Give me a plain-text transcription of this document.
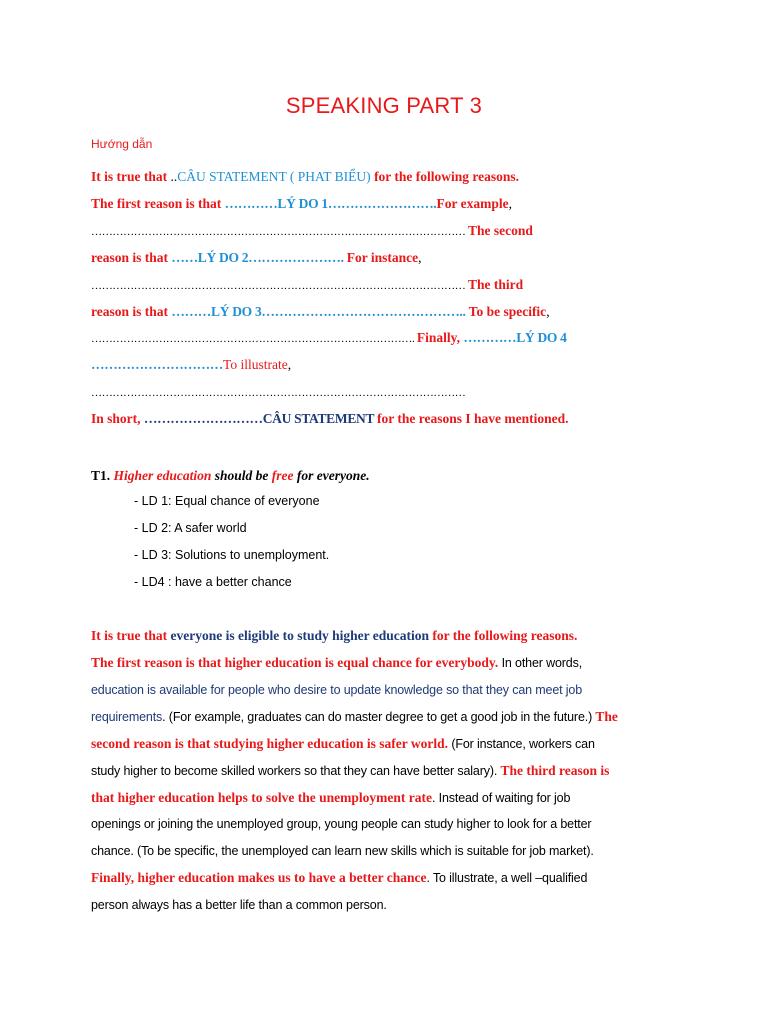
SPEAKING PART 3
Hướng dẫn
It is true that ..CÂU STATEMENT ( PHAT BIỂU) for the following reasons.
The first reason is that …………LÝ DO 1…………………….For example,
…………………………………………………………………………………………… The second
reason is that ……LÝ DO 2…………………. For instance,
…………………………………………………………………………………………… The third
reason is that ………LÝ DO 3……………………………………….. To be specific,
………………………………………………………………………………. Finally, …………LÝ DO 4
…………………………To illustrate,
……………………………………………………………………………………………
In short, ………………………CÂU STATEMENT for the reasons I have mentioned.
T1. Higher education should be free for everyone.
- LD 1: Equal chance of everyone
- LD 2: A safer world
- LD 3: Solutions to unemployment.
- LD4 : have a better chance
It is true that everyone is eligible to study higher education for the following reasons.
The first reason is that higher education is equal chance for everybody. In other words,
education is available for people who desire to update knowledge so that they can meet job
requirements. (For example, graduates can do master degree to get a good job in the future.) The
second reason is that studying higher education is safer world. (For instance, workers can
study higher to become skilled workers so that they can have better salary). The third reason is
that higher education helps to solve the unemployment rate. Instead of waiting for job
openings or joining the unemployed group, young people can study higher to look for a better
chance. (To be specific, the unemployed can learn new skills which is suitable for job market).
Finally, higher education makes us to have a better chance. To illustrate, a well –qualified
person always has a better life than a common person.
